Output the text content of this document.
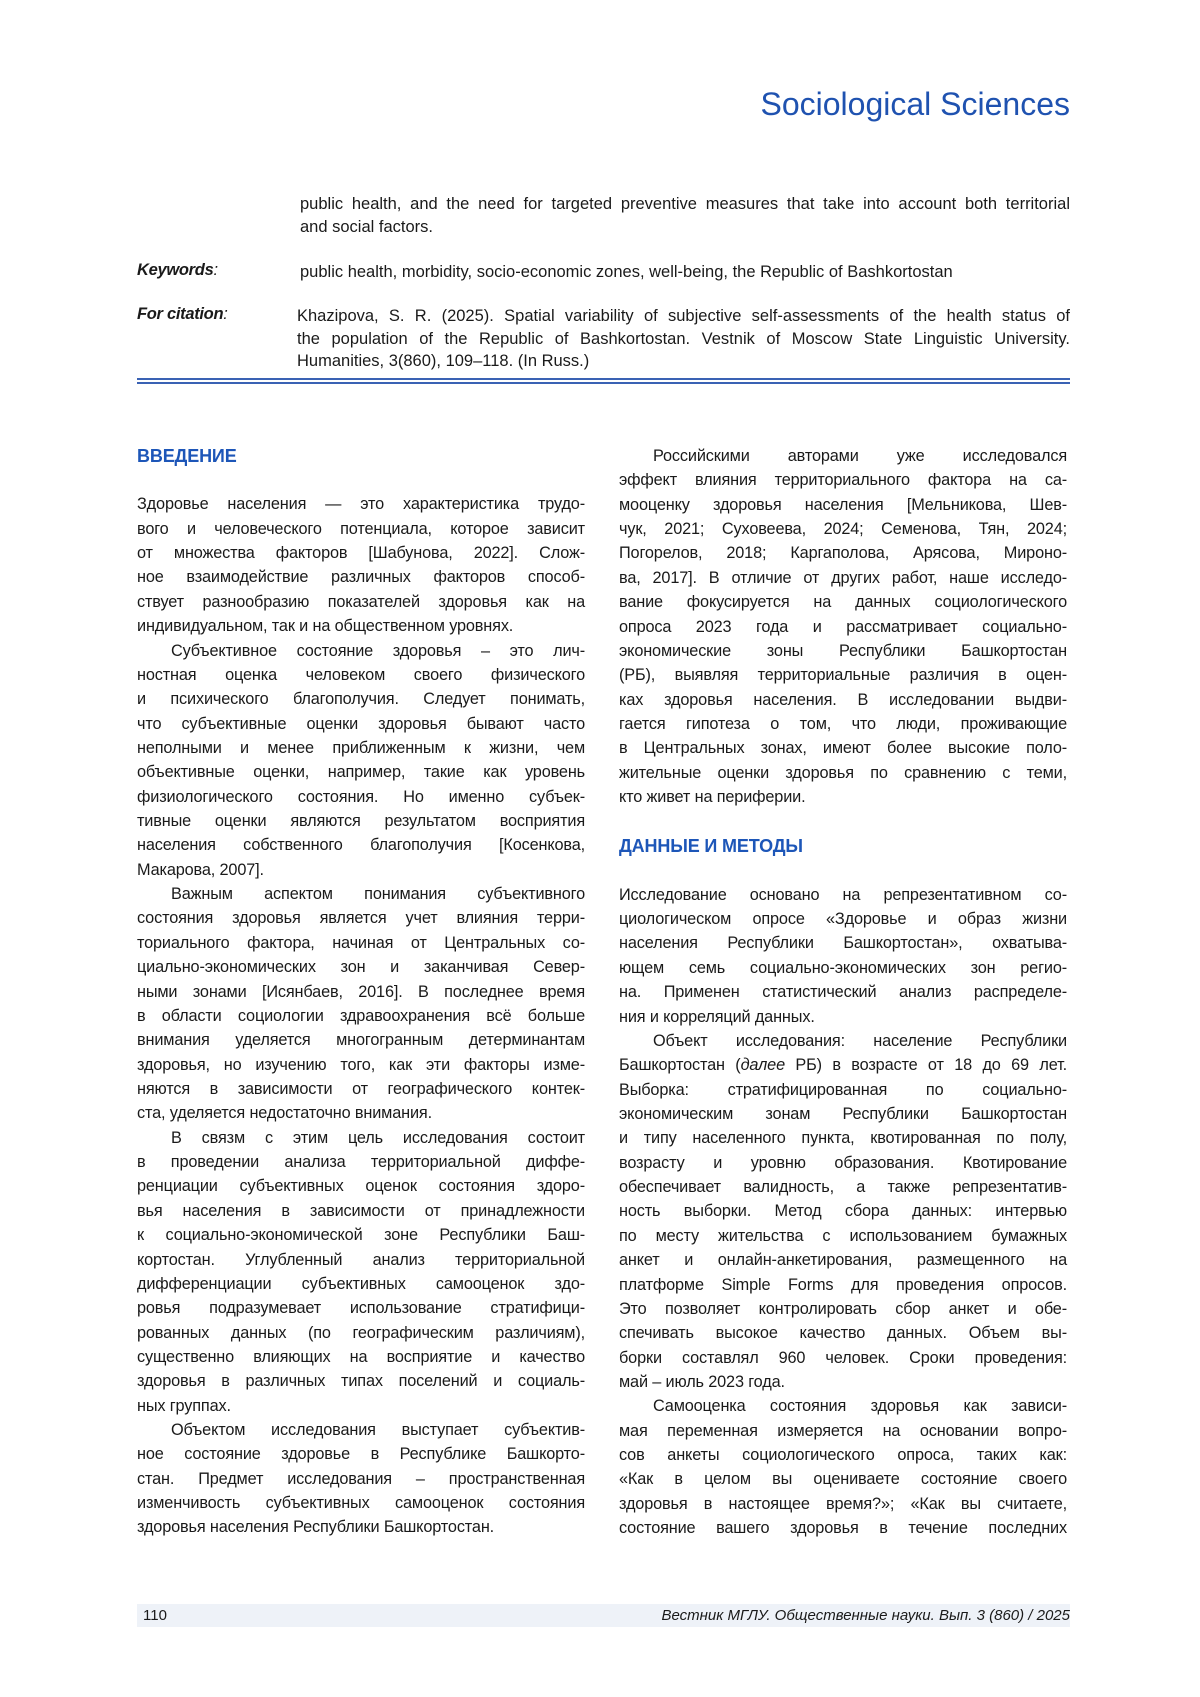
Sociological Sciences
public health, and the need for targeted preventive measures that take into account both territorial
and social factors.
Keywords:	public health, morbidity, socio-economic zones, well-being, the Republic of Bashkortostan
For citation:	Khazipova, S. R. (2025). Spatial variability of subjective self-assessments of the health status of
the population of the Republic of Bashkortostan. Vestnik of Moscow State Linguistic University.
Humanities, 3(860), 109–118. (In Russ.)
ВВЕДЕНИЕ
Здоровье населения — это характеристика трудо-
вого и человеческого потенциала, которое зависит
от множества факторов [Шабунова, 2022]. Слож-
ное взаимодействие различных факторов способ-
ствует разнообразию показателей здоровья как на
индивидуальном, так и на общественном уровнях.
Субъективное состояние здоровья – это лич-
ностная оценка человеком своего физического
и психического благополучия. Следует понимать,
что субъективные оценки здоровья бывают часто
неполными и менее приближенным к жизни, чем
объективные оценки, например, такие как уровень
физиологического состояния. Но именно субъек-
тивные оценки являются результатом восприятия
населения собственного благополучия [Косенкова,
Макарова, 2007].
Важным аспектом понимания субъективного
состояния здоровья является учет влияния терри-
ториального фактора, начиная от Центральных со-
циально-экономических зон и заканчивая Север-
ными зонами [Исянбаев, 2016]. В последнее время
в области социологии здравоохранения всё больше
внимания уделяется многогранным детерминантам
здоровья, но изучению того, как эти факторы изме-
няются в зависимости от географического контек-
ста, уделяется недостаточно внимания.
В связм с этим цель исследования состоит
в проведении анализа территориальной диффе-
ренциации субъективных оценок состояния здоро-
вья населения в зависимости от принадлежности
к социально-экономической зоне Республики Баш-
кортостан. Углубленный анализ территориальной
дифференциации субъективных самооценок здо-
ровья подразумевает использование стратифици-
рованных данных (по географическим различиям),
существенно влияющих на восприятие и качество
здоровья в различных типах поселений и социаль-
ных группах.
Объектом исследования выступает субъектив-
ное состояние здоровье в Республике Башкорто-
стан. Предмет исследования – пространственная
изменчивость субъективных самооценок состояния
здоровья населения Республики Башкортостан.
Российскими авторами уже исследовался
эффект влияния территориального фактора на са-
мооценку здоровья населения [Мельникова, Шев-
чук, 2021; Суховеева, 2024; Семенова, Тян, 2024;
Погорелов, 2018; Каргаполова, Арясова, Мироно-
ва, 2017]. В отличие от других работ, наше исследо-
вание фокусируется на данных социологического
опроса 2023 года и рассматривает социально-
экономические зоны Республики Башкортостан
(РБ), выявляя территориальные различия в оцен-
ках здоровья населения. В исследовании выдви-
гается гипотеза о том, что люди, проживающие
в Центральных зонах, имеют более высокие поло-
жительные оценки здоровья по сравнению с теми,
кто живет на периферии.
ДАННЫЕ И МЕТОДЫ
Исследование основано на репрезентативном со-
циологическом опросе «Здоровье и образ жизни
населения Республики Башкортостан», охватыва-
ющем семь социально-экономических зон регио-
на. Применен статистический анализ распределе-
ния и корреляций данных.
Объект исследования: население Республики
Башкортостан (далее РБ) в возрасте от 18 до 69 лет.
Выборка: стратифицированная по социально-
экономическим зонам Республики Башкортостан
и типу населенного пункта, квотированная по полу,
возрасту и уровню образования. Квотирование
обеспечивает валидность, а также репрезентатив-
ность выборки. Метод сбора данных: интервью
по месту жительства с использованием бумажных
анкет и онлайн-анкетирования, размещенного на
платформе Simple Forms для проведения опросов.
Это позволяет контролировать сбор анкет и обе-
спечивать высокое качество данных. Объем вы-
борки составлял 960 человек. Сроки проведения:
май – июль 2023 года.
Самооценка состояния здоровья как зависи-
мая переменная измеряется на основании вопро-
сов анкеты социологического опроса, таких как:
«Как в целом вы оцениваете состояние своего
здоровья в настоящее время?»; «Как вы считаете,
состояние вашего здоровья в течение последних
110	Вестник МГЛУ. Общественные науки. Вып. 3 (860) / 2025
